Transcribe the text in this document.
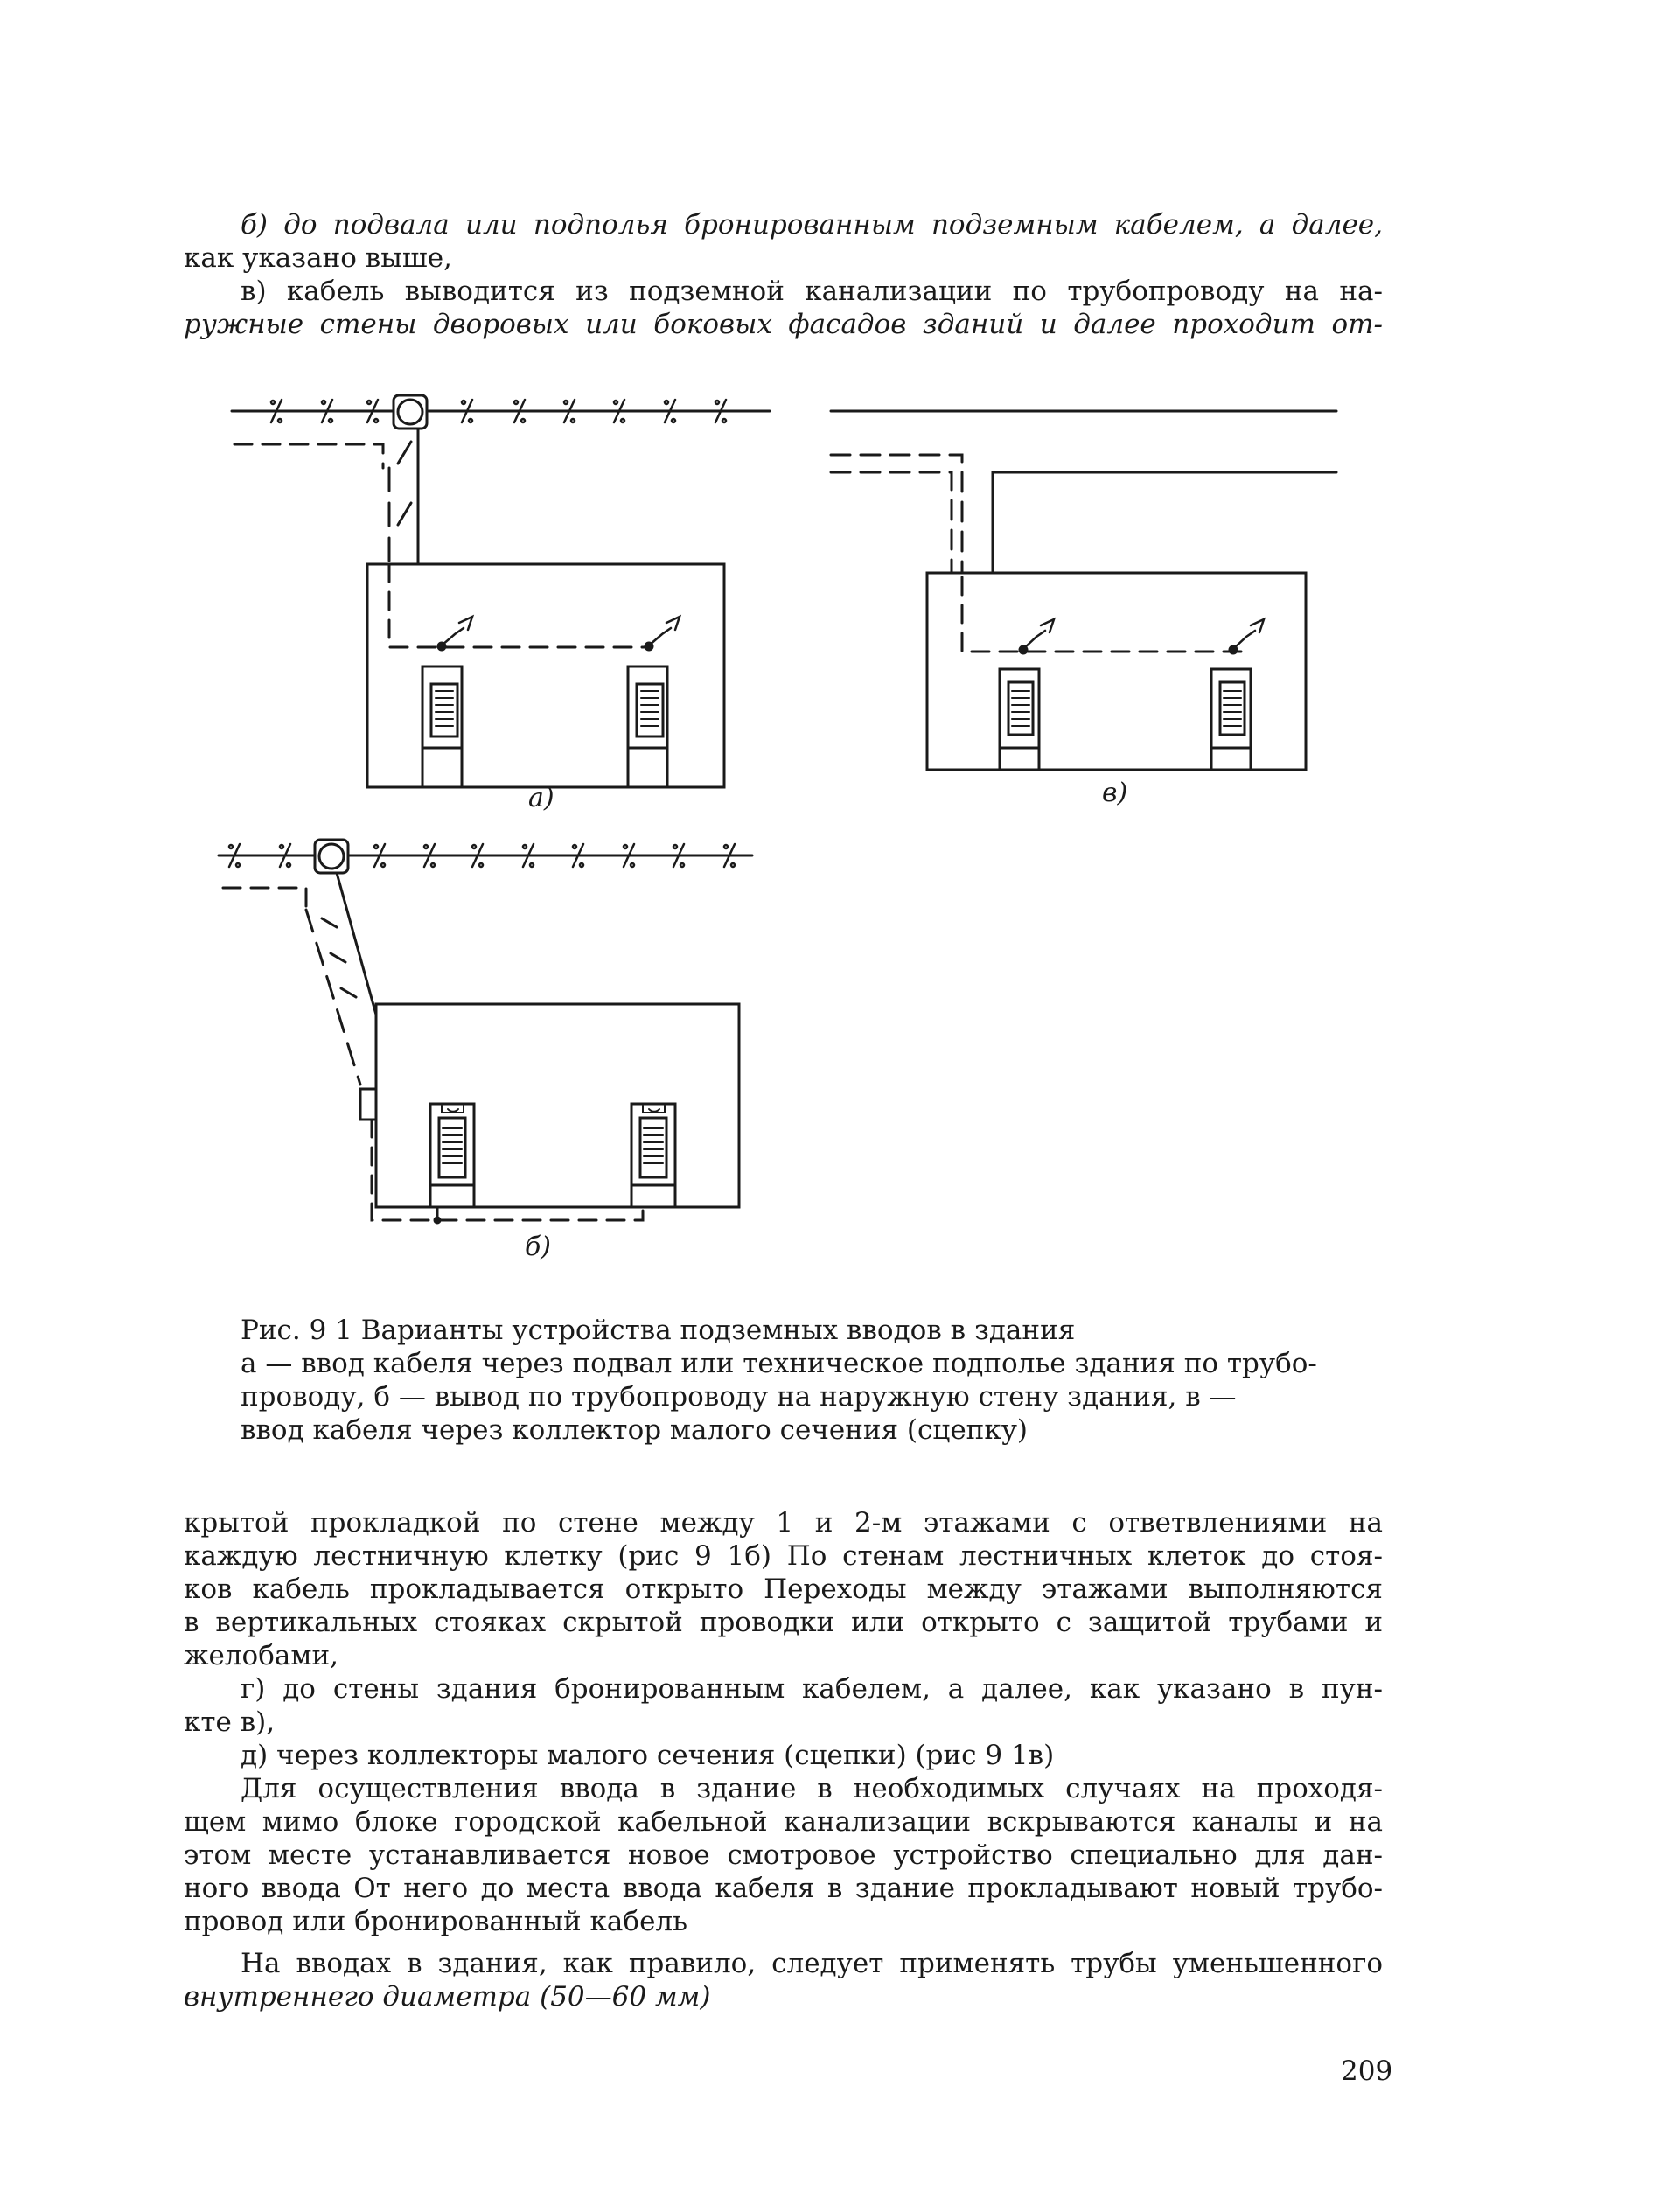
б) до подвала или подполья бронированным подземным кабелем, а далее,
как указано выше,
в) кабель выводится из подземной канализации по трубопроводу на на-
ружные стены дворовых или боковых фасадов зданий и далее проходит от-
а)	в)
б)
Рис. 9 1 Варианты устройства подземных вводов в здания
а — ввод кабеля через подвал или техническое подполье здания по трубо-
проводу, б — вывод по трубопроводу на наружную стену здания, в —
ввод кабеля через коллектор малого сечения (сцепку)
крытой прокладкой по стене между 1 и 2-м этажами с ответвлениями на
каждую лестничную клетку (рис 9 1б) По стенам лестничных клеток до стоя-
ков кабель прокладывается открыто Переходы между этажами выполняются
в вертикальных стояках скрытой проводки или открыто с защитой трубами и
желобами,
г) до стены здания бронированным кабелем, а далее, как указано в пун-
кте в),
д) через коллекторы малого сечения (сцепки) (рис 9 1в)
Для осуществления ввода в здание в необходимых случаях на проходя-
щем мимо блоке городской кабельной канализации вскрываются каналы и на
этом месте устанавливается новое смотровое устройство специально для дан-
ного ввода От него до места ввода кабеля в здание прокладывают новый трубо-
провод или бронированный кабель
На вводах в здания, как правило, следует применять трубы уменьшенного
внутреннего диаметра (50—60 мм)
209
